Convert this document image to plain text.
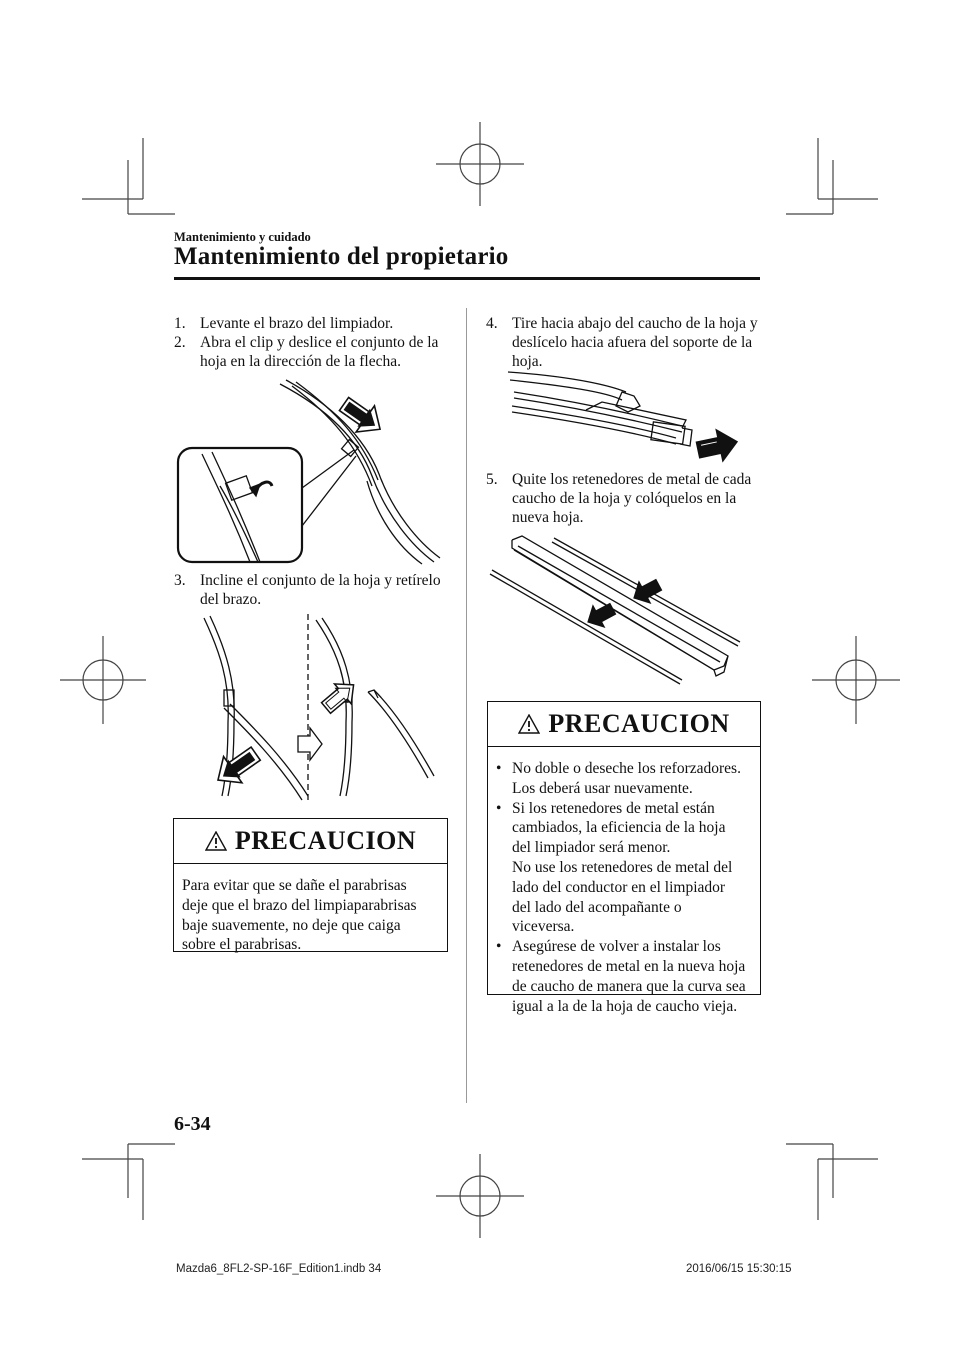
Mantenimiento y cuidado
Mantenimiento del propietario
1. Levante el brazo del limpiador.
2. Abra el clip y deslice el conjunto de la
hoja en la dirección de la flecha.
3. Incline el conjunto de la hoja y retírelo
del brazo.
PRECAUCION
Para evitar que se dañe el parabrisas
deje que el brazo del limpiaparabrisas
baje suavemente, no deje que caiga
sobre el parabrisas.
4. Tire hacia abajo del caucho de la hoja y
deslícelo hacia afuera del soporte de la
hoja.
5. Quite los retenedores de metal de cada
caucho de la hoja y colóquelos en la
nueva hoja.
PRECAUCION
• No doble o deseche los reforzadores.
Los deberá usar nuevamente.
• Si los retenedores de metal están
cambiados, la eficiencia de la hoja
del limpiador será menor.
No use los retenedores de metal del
lado del conductor en el limpiador
del lado del acompañante o
viceversa.
• Asegúrese de volver a instalar los
retenedores de metal en la nueva hoja
de caucho de manera que la curva sea
igual a la de la hoja de caucho vieja.
6-34
Mazda6_8FL2-SP-16F_Edition1.indb 34	2016/06/15 15:30:15
